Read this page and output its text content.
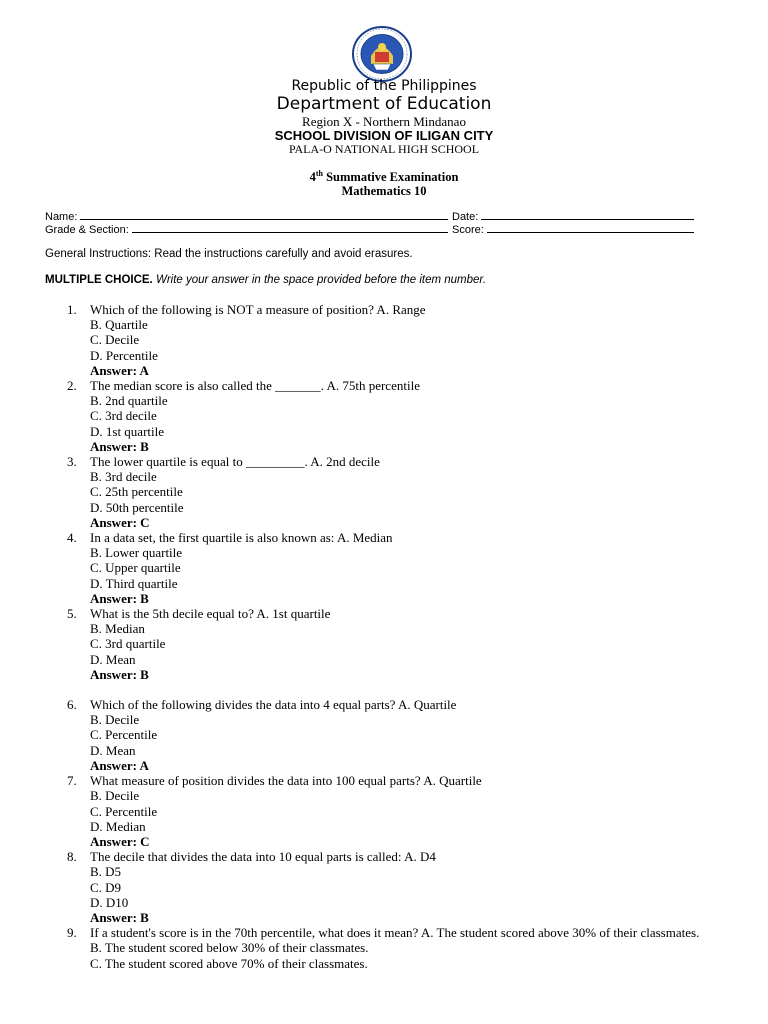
Republic of the Philippines
Department of Education
Region X - Northern Mindanao
SCHOOL DIVISION OF ILIGAN CITY
PALA-O NATIONAL HIGH SCHOOL
4th Summative Examination
Mathematics 10
Name:	Date:
Grade & Section:	Score:
General Instructions: Read the instructions carefully and avoid erasures.
MULTIPLE CHOICE. Write your answer in the space provided before the item number.
1. Which of the following is NOT a measure of position? A. Range
B. Quartile
C. Decile
D. Percentile
Answer: A
2. The median score is also called the _______. A. 75th percentile
B. 2nd quartile
C. 3rd decile
D. 1st quartile
Answer: B
3. The lower quartile is equal to _________. A. 2nd decile
B. 3rd decile
C. 25th percentile
D. 50th percentile
Answer: C
4. In a data set, the first quartile is also known as: A. Median
B. Lower quartile
C. Upper quartile
D. Third quartile
Answer: B
5. What is the 5th decile equal to? A. 1st quartile
B. Median
C. 3rd quartile
D. Mean
Answer: B
6. Which of the following divides the data into 4 equal parts? A. Quartile
B. Decile
C. Percentile
D. Mean
Answer: A
7. What measure of position divides the data into 100 equal parts? A. Quartile
B. Decile
C. Percentile
D. Median
Answer: C
8. The decile that divides the data into 10 equal parts is called: A. D4
B. D5
C. D9
D. D10
Answer: B
9. If a student's score is in the 70th percentile, what does it mean? A. The student scored above 30% of their classmates.
B. The student scored below 30% of their classmates.
C. The student scored above 70% of their classmates.
